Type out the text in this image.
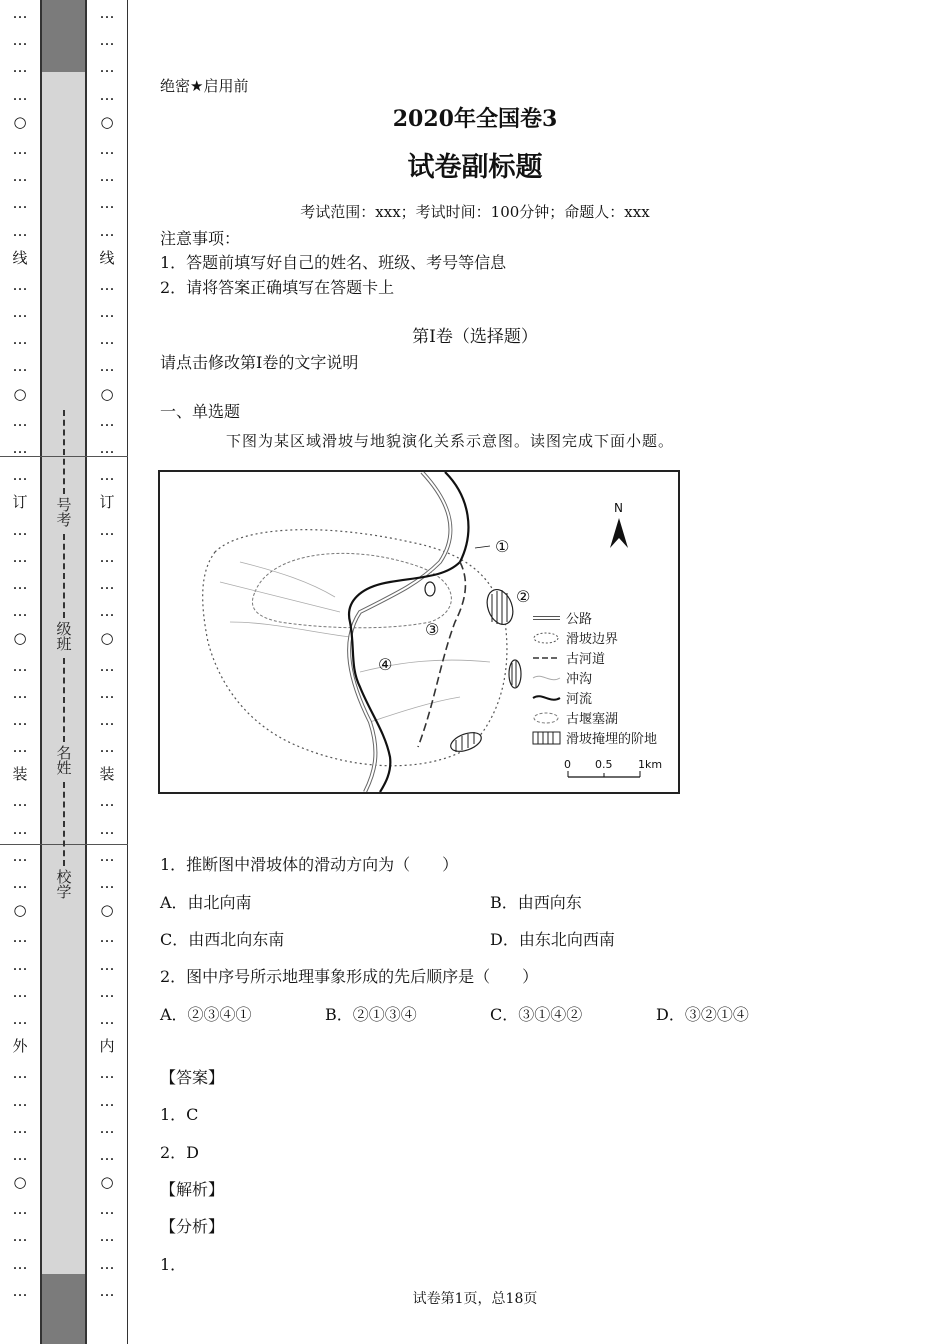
…
…
…
…
○
…
…
…
…
线
…
…
…
…
○
…
…
…
订
…
…
…
…
○
…
…
…
…
装
…
…
…
…
○
…
…
…
…
外
…
…
…
…
○
…
…
…
…
…
…
…
…
○
…
…
…
…
线
…
…
…
…
○
…
…
…
订
…
…
…
…
○
…
…
…
…
装
…
…
…
…
○
…
…
…
…
内
…
…
…
…
○
…
…
…
…
号考
级班
名姓
校学
绝密★启用前
2020年全国卷3
试卷副标题
考试范围：xxx；考试时间：100分钟；命题人：xxx
注意事项：
1．答题前填写好自己的姓名、班级、考号等信息
2．请将答案正确填写在答题卡上
第I卷（选择题）
请点击修改第I卷的文字说明
一、单选题
下图为某区域滑坡与地貌演化关系示意图。读图完成下面小题。
1．推断图中滑坡体的滑动方向为（　　）
A．由北向南	B．由西向东
C．由西北向东南	D．由东北向西南
2．图中序号所示地理事象形成的先后顺序是（　　）
A．②③④①	B．②①③④	C．③①④②	D．③②①④
【答案】
1．C
2．D
【解析】
【分析】
1．
①
②
③
④
N
公路
滑坡边界
古河道
冲沟
河流
古堰塞湖
滑坡掩埋的阶地
0 0.5 1km
试卷第1页，总18页
